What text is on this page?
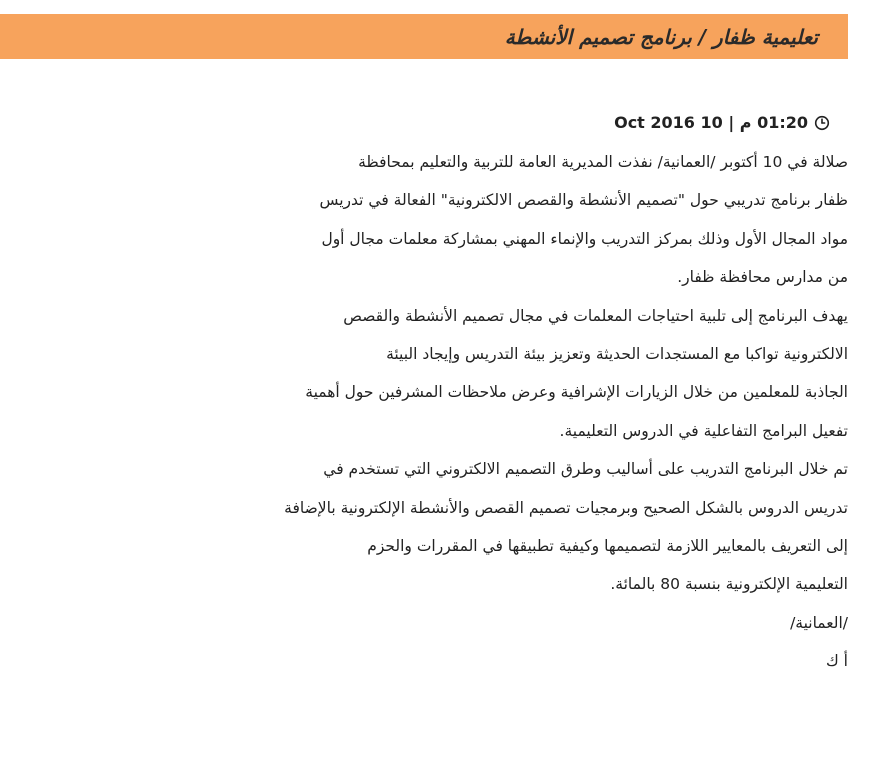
تعليمية ظفار / برنامج تصميم الأنشطة
01:20 م | 10 Oct 2016
صلالة في 10 أكتوبر /العمانية/ نفذت المديرية العامة للتربية والتعليم بمحافظة
ظفار برنامج تدريبي حول "تصميم الأنشطة والقصص الالكترونية" الفعالة في تدريس
مواد المجال الأول وذلك بمركز التدريب والإنماء المهني بمشاركة معلمات مجال أول
من مدارس محافظة ظفار.
يهدف البرنامج إلى تلبية احتياجات المعلمات في مجال تصميم الأنشطة والقصص
الالكترونية تواكبا مع المستجدات الحديثة وتعزيز بيئة التدريس وإيجاد البيئة
الجاذبة للمعلمين من خلال الزيارات الإشرافية وعرض ملاحظات المشرفين حول أهمية
تفعيل البرامج التفاعلية في الدروس التعليمية.
تم خلال البرنامج التدريب على أساليب وطرق التصميم الالكتروني التي تستخدم في
تدريس الدروس بالشكل الصحيح وبرمجيات تصميم القصص والأنشطة الإلكترونية بالإضافة
إلى التعريف بالمعايير اللازمة لتصميمها وكيفية تطبيقها في المقررات والحزم
التعليمية الإلكترونية بنسبة 80 بالمائة.
/العمانية/
أ ك
